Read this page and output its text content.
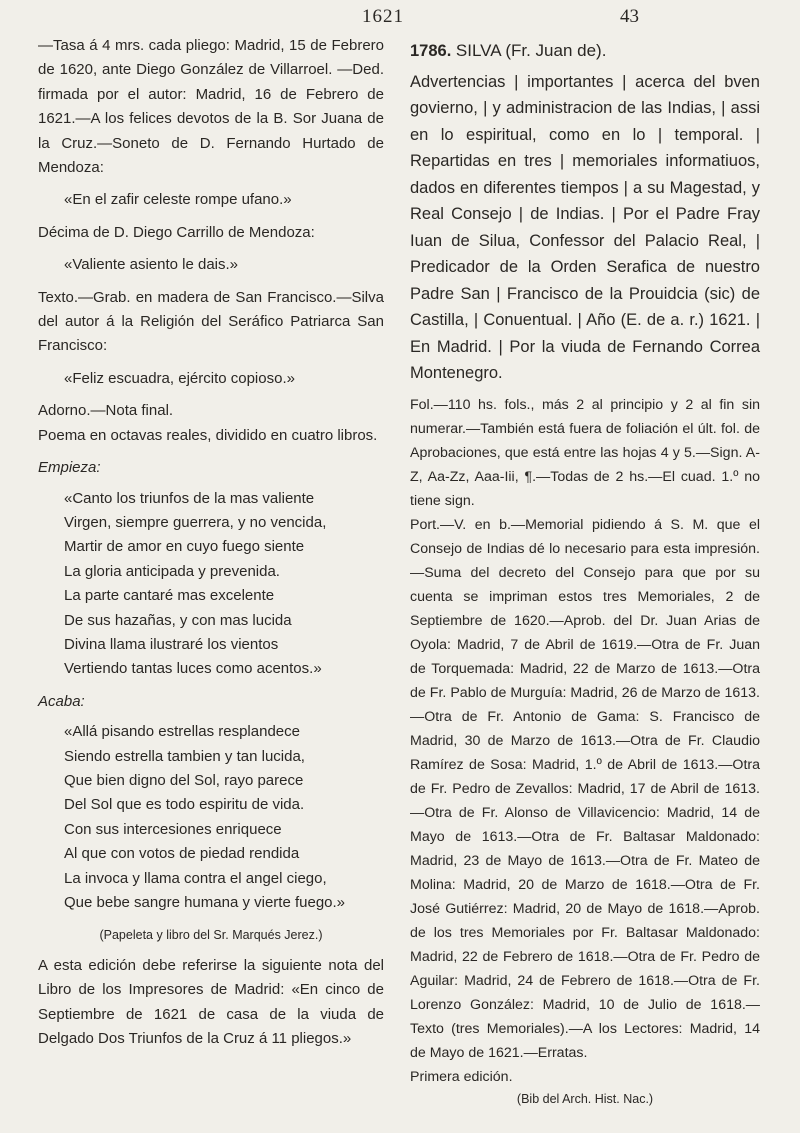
1621	43

—Tasa á 4 mrs. cada pliego: Madrid, 15 de Febrero de 1620, ante Diego González de Villarroel. —Ded. firmada por el autor: Madrid, 16 de Febrero de 1621.—A los felices devotos de la B. Sor Juana de la Cruz.—Soneto de D. Fernando Hurtado de Mendoza:

«En el zafir celeste rompe ufano.»

Décima de D. Diego Carrillo de Mendoza:

«Valiente asiento le dais.»

Texto.—Grab. en madera de San Francisco.—Silva del autor á la Religión del Seráfico Patriarca San Francisco:

«Feliz escuadra, ejército copioso.»

Adorno.—Nota final.

Poema en octavas reales, dividido en cuatro libros.

Empieza:

«Canto los triunfos de la mas valiente
Virgen, siempre guerrera, y no vencida,
Martir de amor en cuyo fuego siente
La gloria anticipada y prevenida.
La parte cantaré mas excelente
De sus hazañas, y con mas lucida
Divina llama ilustraré los vientos
Vertiendo tantas luces como acentos.»

Acaba:

«Allá pisando estrellas resplandece
Siendo estrella tambien y tan lucida,
Que bien digno del Sol, rayo parece
Del Sol que es todo espiritu de vida.
Con sus intercesiones enriquece
Al que con votos de piedad rendida
La invoca y llama contra el angel ciego,
Que bebe sangre humana y vierte fuego.»

(Papeleta y libro del Sr. Marqués Jerez.)

A esta edición debe referirse la siguiente nota del Libro de los Impresores de Madrid: «En cinco de Septiembre de 1621 de casa de la viuda de Delgado Dos Triunfos de la Cruz á 11 pliegos.»

1786. SILVA (Fr. Juan de).

Advertencias | importantes | acerca del bven govierno, | y administracion de las Indias, | assi en lo espiritual, como en lo | temporal. | Repartidas en tres | memoriales informatiuos, dados en diferentes tiempos | a su Magestad, y Real Consejo | de Indias. | Por el Padre Fray Iuan de Silua, Confessor del Palacio Real, | Predicador de la Orden Serafica de nuestro Padre San | Francisco de la Prouidcia (sic) de Castilla, | Conuentual. | Año (E. de a. r.) 1621. | En Madrid. | Por la viuda de Fernando Correa Montenegro.

Fol.—110 hs. fols., más 2 al principio y 2 al fin sin numerar.—También está fuera de foliación el últ. fol. de Aprobaciones, que está entre las hojas 4 y 5.—Sign. A-Z, Aa-Zz, Aaa-Iii, ¶.—Todas de 2 hs.—El cuad. 1.º no tiene sign.

Port.—V. en b.—Memorial pidiendo á S. M. que el Consejo de Indias dé lo necesario para esta impresión.—Suma del decreto del Consejo para que por su cuenta se impriman estos tres Memoriales, 2 de Septiembre de 1620.—Aprob. del Dr. Juan Arias de Oyola: Madrid, 7 de Abril de 1619.—Otra de Fr. Juan de Torquemada: Madrid, 22 de Marzo de 1613.—Otra de Fr. Pablo de Murguía: Madrid, 26 de Marzo de 1613.—Otra de Fr. Antonio de Gama: S. Francisco de Madrid, 30 de Marzo de 1613.—Otra de Fr. Claudio Ramírez de Sosa: Madrid, 1.º de Abril de 1613.—Otra de Fr. Pedro de Zevallos: Madrid, 17 de Abril de 1613.—Otra de Fr. Alonso de Villavicencio: Madrid, 14 de Mayo de 1613.—Otra de Fr. Baltasar Maldonado: Madrid, 23 de Mayo de 1613.—Otra de Fr. Mateo de Molina: Madrid, 20 de Marzo de 1618.—Otra de Fr. José Gutiérrez: Madrid, 20 de Mayo de 1618.—Aprob. de los tres Memoriales por Fr. Baltasar Maldonado: Madrid, 22 de Febrero de 1618.—Otra de Fr. Pedro de Aguilar: Madrid, 24 de Febrero de 1618.—Otra de Fr. Lorenzo González: Madrid, 10 de Julio de 1618.—Texto (tres Memoriales).—A los Lectores: Madrid, 14 de Mayo de 1621.—Erratas.

Primera edición.

(Bib del Arch. Hist. Nac.)
